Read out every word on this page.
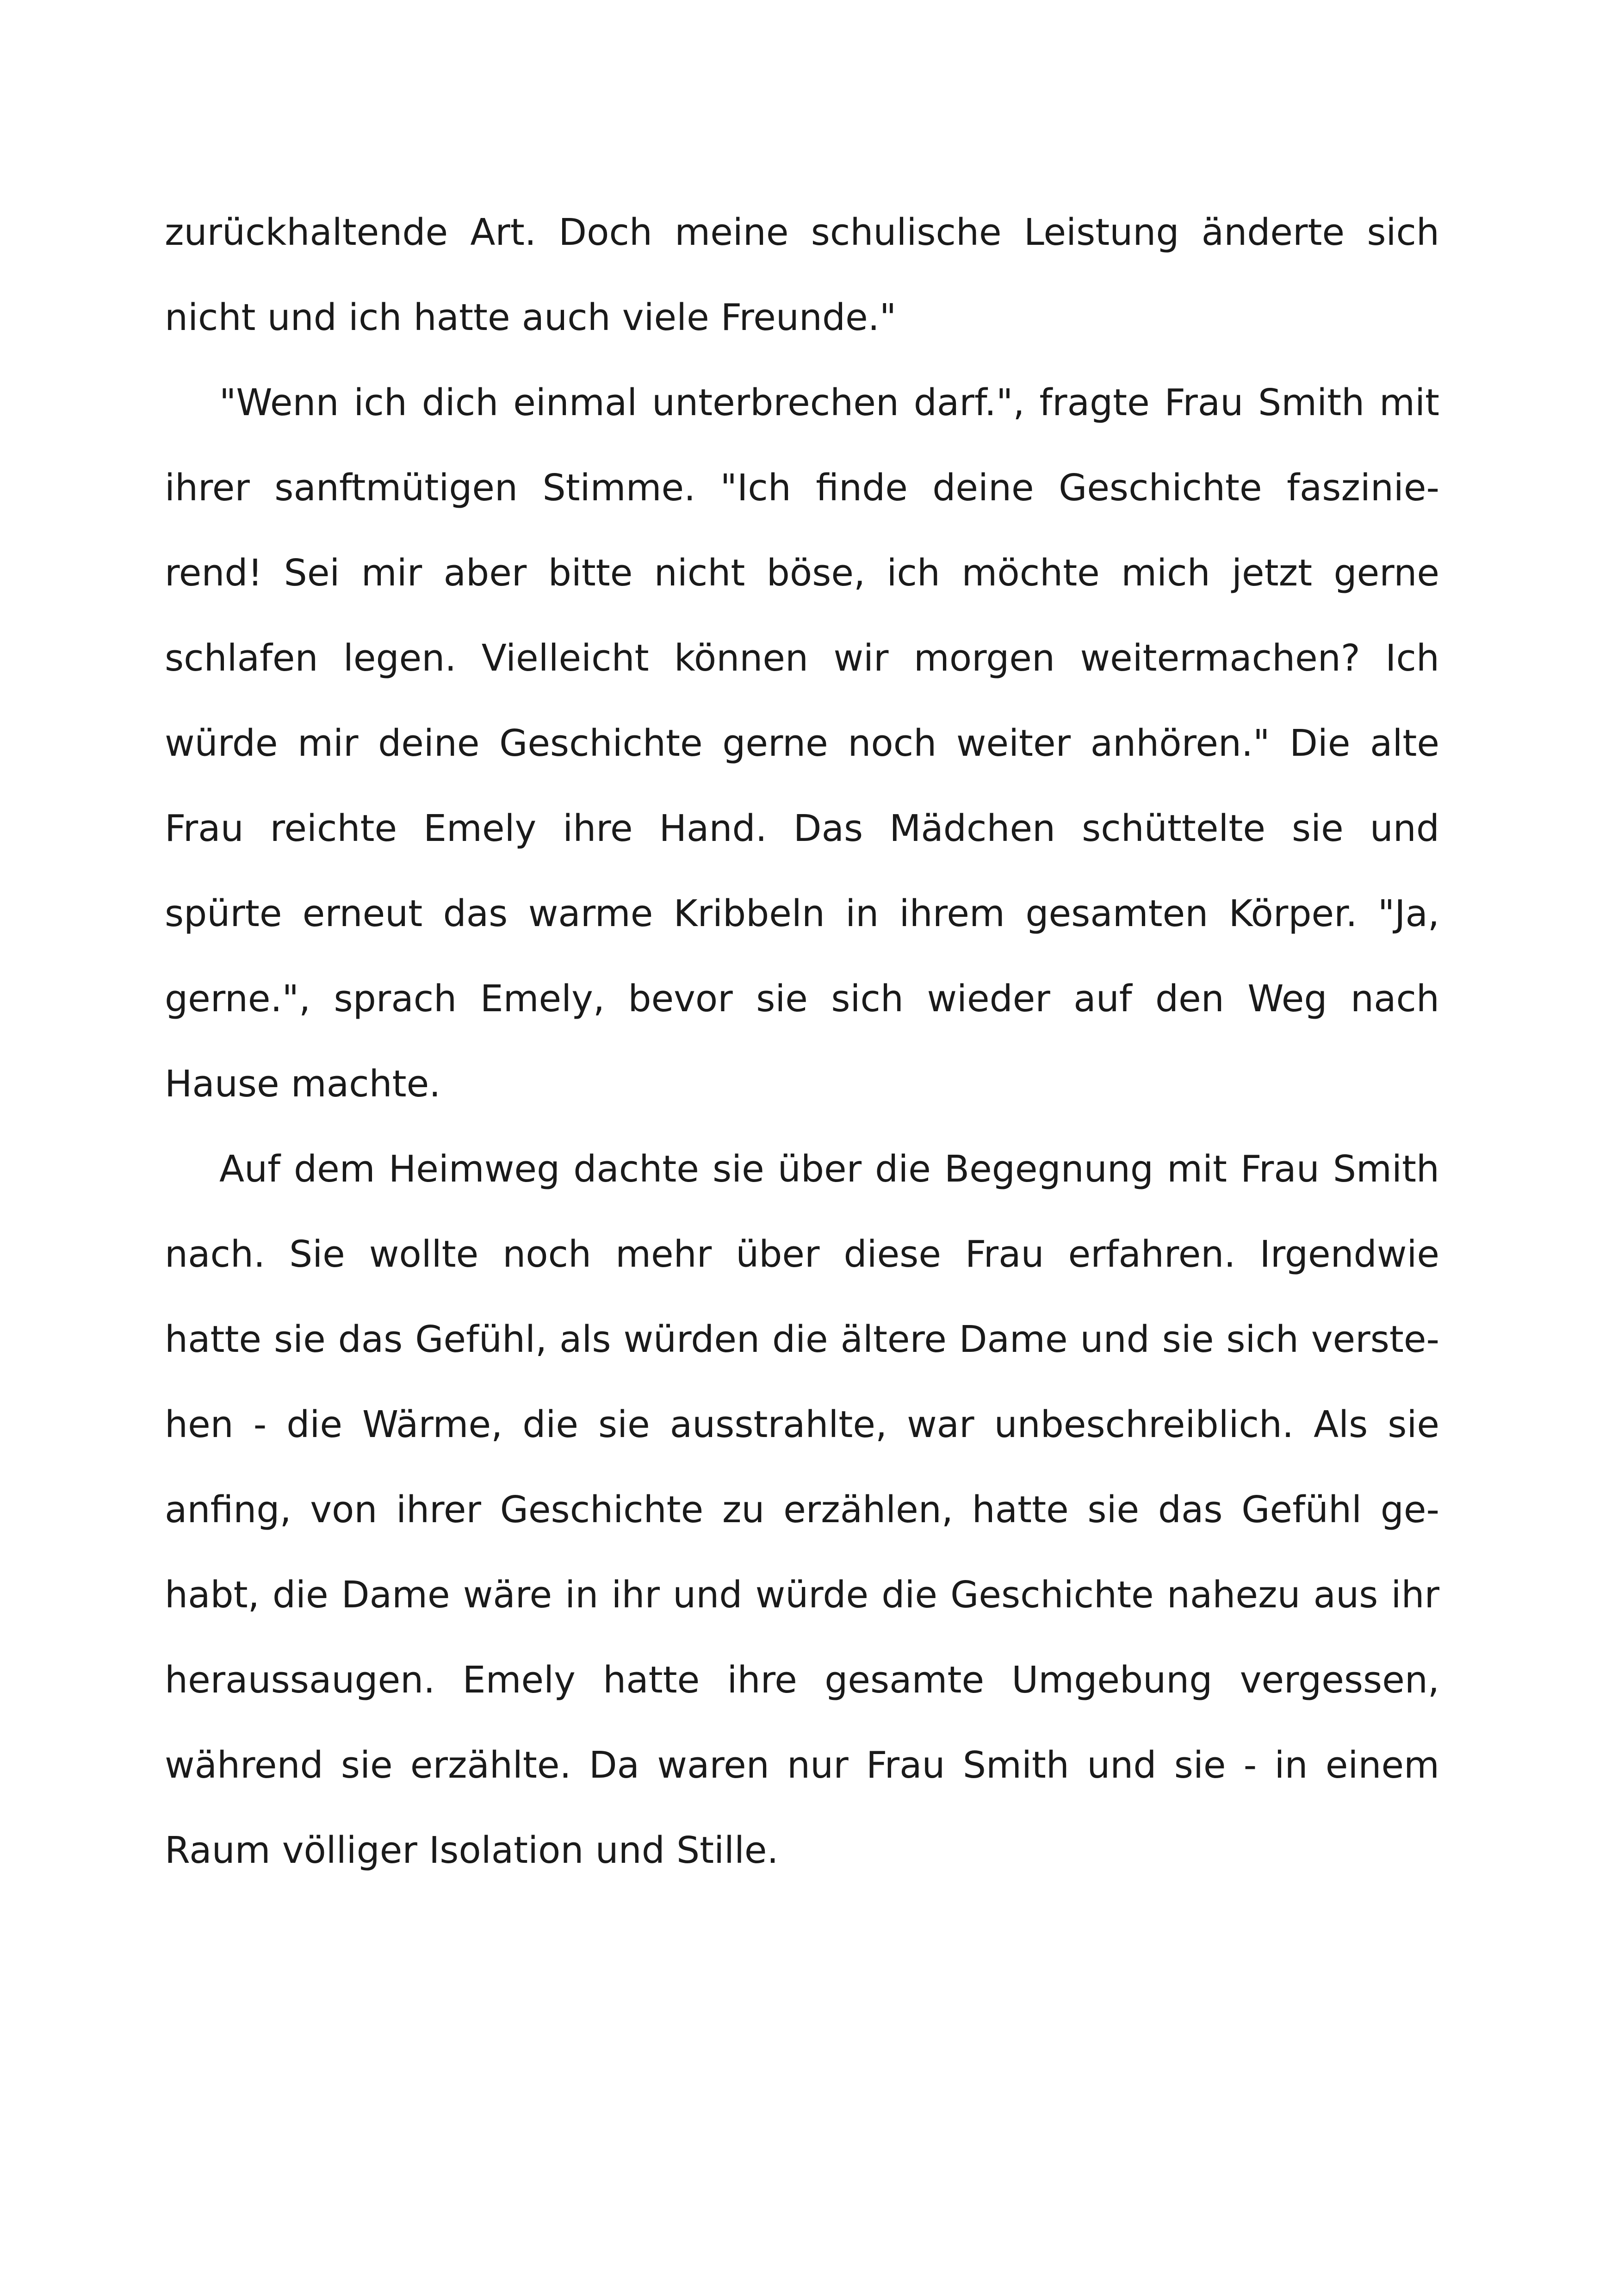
zurückhaltende Art. Doch meine schulische Leistung änderte sich
nicht und ich hatte auch viele Freunde."
"Wenn ich dich einmal unterbrechen darf.", fragte Frau Smith mit
ihrer sanftmütigen Stimme. "Ich finde deine Geschichte faszinie-
rend! Sei mir aber bitte nicht böse, ich möchte mich jetzt gerne
schlafen legen. Vielleicht können wir morgen weitermachen? Ich
würde mir deine Geschichte gerne noch weiter anhören." Die alte
Frau reichte Emely ihre Hand. Das Mädchen schüttelte sie und
spürte erneut das warme Kribbeln in ihrem gesamten Körper. "Ja,
gerne.", sprach Emely, bevor sie sich wieder auf den Weg nach
Hause machte.
Auf dem Heimweg dachte sie über die Begegnung mit Frau Smith
nach. Sie wollte noch mehr über diese Frau erfahren. Irgendwie
hatte sie das Gefühl, als würden die ältere Dame und sie sich verste-
hen - die Wärme, die sie ausstrahlte, war unbeschreiblich. Als sie
anfing, von ihrer Geschichte zu erzählen, hatte sie das Gefühl ge-
habt, die Dame wäre in ihr und würde die Geschichte nahezu aus ihr
heraussaugen. Emely hatte ihre gesamte Umgebung vergessen,
während sie erzählte. Da waren nur Frau Smith und sie - in einem
Raum völliger Isolation und Stille.
